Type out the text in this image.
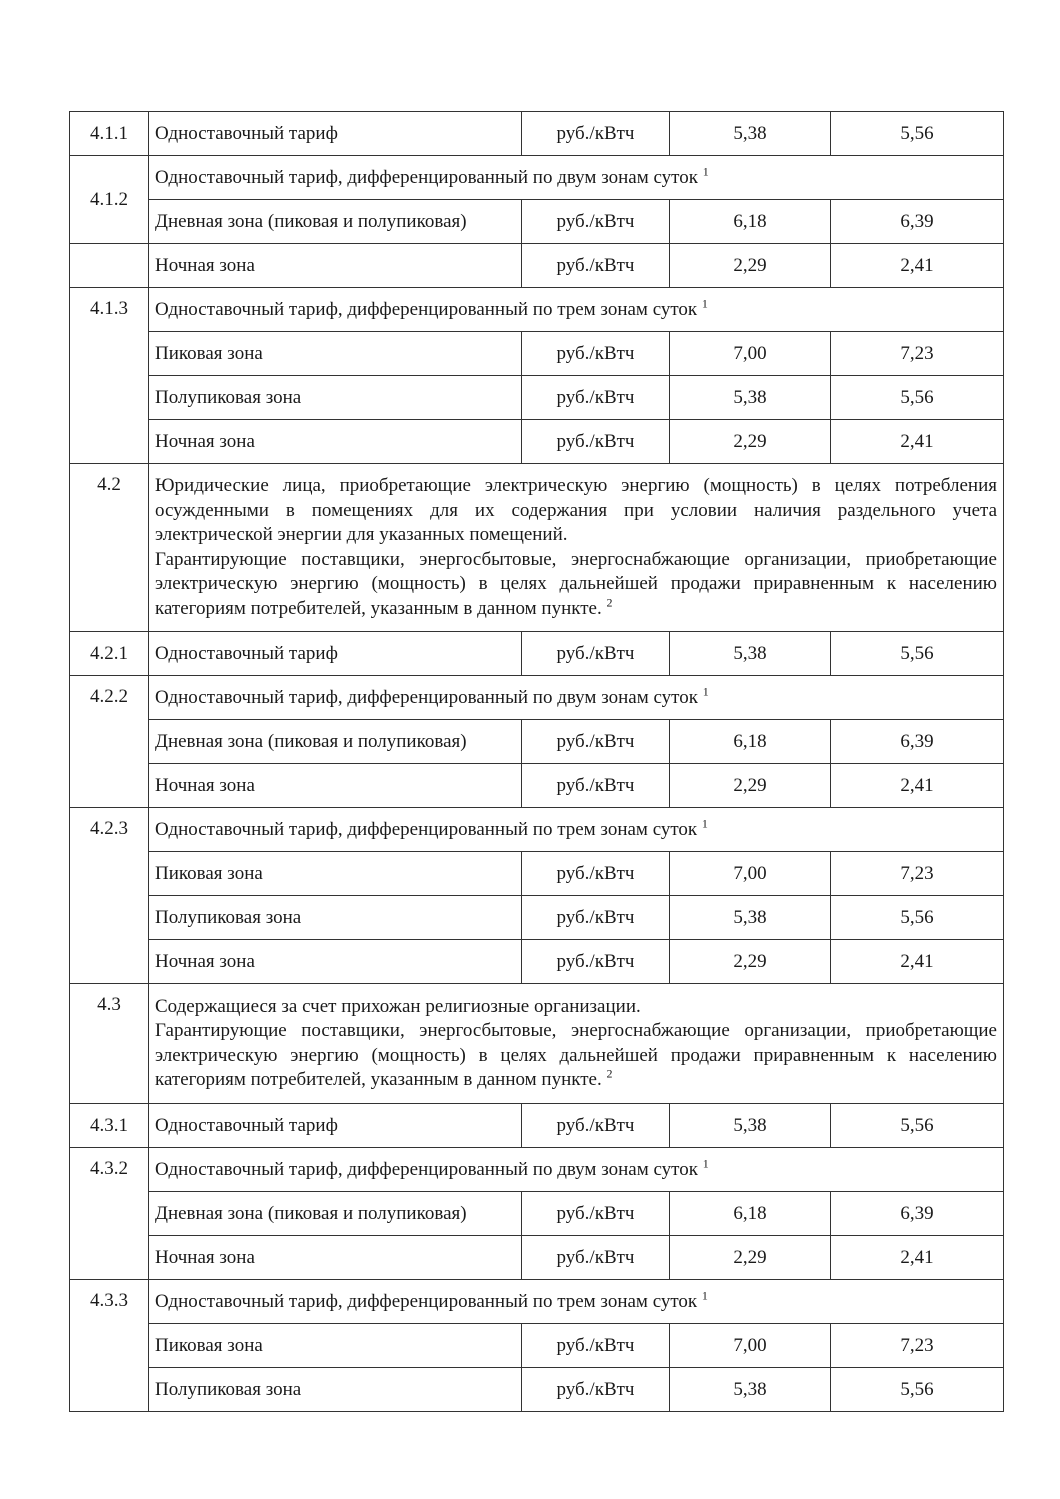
4.1.1	Одноставочный тариф	руб./кВтч	5,38	5,56
4.1.2	Одноставочный тариф, дифференцированный по двум зонам суток $^1$
	Дневная зона (пиковая и полупиковая)	руб./кВтч	6,18	6,39
	Ночная зона	руб./кВтч	2,29	2,41
4.1.3	Одноставочный тариф, дифференцированный по трем зонам суток $^1$
	Пиковая зона	руб./кВтч	7,00	7,23
	Полупиковая зона	руб./кВтч	5,38	5,56
	Ночная зона	руб./кВтч	2,29	2,41
4.2	Юридические лица, приобретающие электрическую энергию (мощность) в целях потребления осужденными в помещениях для их содержания при условии наличия раздельного учета электрической энергии для указанных помещений.

Гарантирующие поставщики, энергосбытовые, энергоснабжающие организации, приобретающие электрическую энергию (мощность) в целях дальнейшей продажи приравненным к населению категориям потребителей, указанным в данном пункте. $^2$

4.2.1	Одноставочный тариф	руб./кВтч	5,38	5,56
4.2.2	Одноставочный тариф, дифференцированный по двум зонам суток $^1$
	Дневная зона (пиковая и полупиковая)	руб./кВтч	6,18	6,39
	Ночная зона	руб./кВтч	2,29	2,41
4.2.3	Одноставочный тариф, дифференцированный по трем зонам суток $^1$
	Пиковая зона	руб./кВтч	7,00	7,23
	Полупиковая зона	руб./кВтч	5,38	5,56
	Ночная зона	руб./кВтч	2,29	2,41
4.3	Содержащиеся за счет прихожан религиозные организации.

Гарантирующие поставщики, энергосбытовые, энергоснабжающие организации, приобретающие электрическую энергию (мощность) в целях дальнейшей продажи приравненным к населению категориям потребителей, указанным в данном пункте. $^2$

4.3.1	Одноставочный тариф	руб./кВтч	5,38	5,56
4.3.2	Одноставочный тариф, дифференцированный по двум зонам суток $^1$
	Дневная зона (пиковая и полупиковая)	руб./кВтч	6,18	6,39
	Ночная зона	руб./кВтч	2,29	2,41
4.3.3	Одноставочный тариф, дифференцированный по трем зонам суток $^1$
	Пиковая зона	руб./кВтч	7,00	7,23
	Полупиковая зона	руб./кВтч	5,38	5,56
